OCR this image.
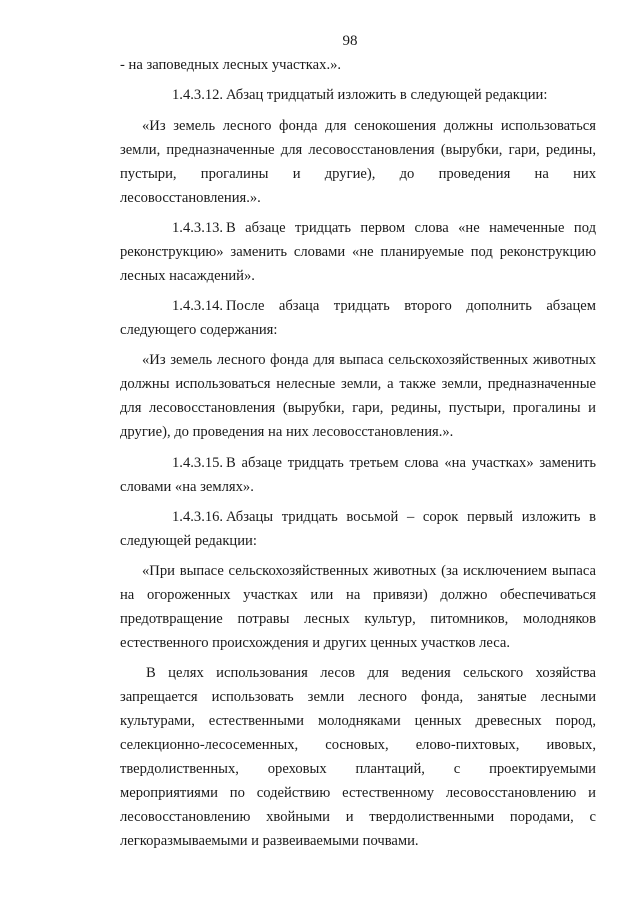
98

- на заповедных лесных участках.».

1.4.3.12. Абзац тридцатый изложить в следующей редакции:

«Из земель лесного фонда для сенокошения должны использоваться земли, предназначенные для лесовосстановления (вырубки, гари, редины, пустыри, прогалины и другие), до проведения на них лесовосстановления.».

1.4.3.13. В абзаце тридцать первом слова «не намеченные под реконструкцию» заменить словами «не планируемые под реконструкцию лесных насаждений».

1.4.3.14. После абзаца тридцать второго дополнить абзацем следующего содержания:

«Из земель лесного фонда для выпаса сельскохозяйственных животных должны использоваться нелесные земли, а также земли, предназначенные для лесовосстановления (вырубки, гари, редины, пустыри, прогалины и другие), до проведения на них лесовосстановления.».

1.4.3.15. В абзаце тридцать третьем слова «на участках» заменить словами «на землях».

1.4.3.16. Абзацы тридцать восьмой – сорок первый изложить в следующей редакции:

«При выпасе сельскохозяйственных животных (за исключением выпаса на огороженных участках или на привязи) должно обеспечиваться предотвращение потравы лесных культур, питомников, молодняков естественного происхождения и других ценных участков леса.

В целях использования лесов для ведения сельского хозяйства запрещается использовать земли лесного фонда, занятые лесными культурами, естественными молодняками ценных древесных пород, селекционно-лесосеменных, сосновых, елово-пихтовых, ивовых, твердолиственных, ореховых плантаций, с проектируемыми мероприятиями по содействию естественному лесовосстановлению и лесовосстановлению хвойными и твердолиственными породами, с легкоразмываемыми и развеиваемыми почвами.
